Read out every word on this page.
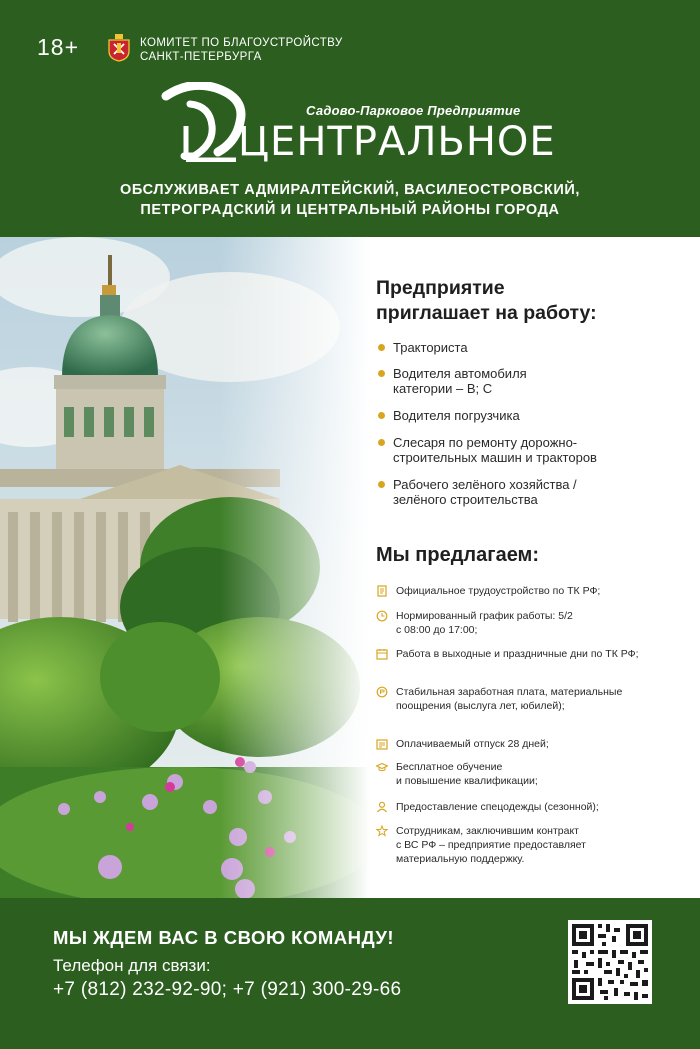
18+	КОМИТЕТ ПО БЛАГОУСТРОЙСТВУ
САНКТ-ПЕТЕРБУРГА
Садово-Парковое Предприятие
ЦЕНТРАЛЬНОЕ
ОБСЛУЖИВАЕТ АДМИРАЛТЕЙСКИЙ, ВАСИЛЕОСТРОВСКИЙ,
ПЕТРОГРАДСКИЙ И ЦЕНТРАЛЬНЫЙ РАЙОНЫ ГОРОДА
Предприятие
приглашает на работу:
Тракториста
Водителя автомобиля
категории – В; С
Водителя погрузчика
Слесаря по ремонту дорожно-
строительных машин и тракторов
Рабочего зелёного хозяйства /
зелёного строительства
Мы предлагаем:
Официальное трудоустройство по ТК РФ;
Нормированный график работы: 5/2
с 08:00 до 17:00;
Работа в выходные и праздничные дни по ТК РФ;
Стабильная заработная плата, материальные
поощрения (выслуга лет, юбилей);
Оплачиваемый отпуск 28 дней;
Бесплатное обучение
и повышение квалификации;
Предоставление спецодежды (сезонной);
Сотрудникам, заключившим контракт
с ВС РФ – предприятие предоставляет
материальную поддержку.
МЫ ЖДЕМ ВАС В СВОЮ КОМАНДУ!
Телефон для связи:
+7 (812) 232-92-90; +7 (921) 300-29-66
